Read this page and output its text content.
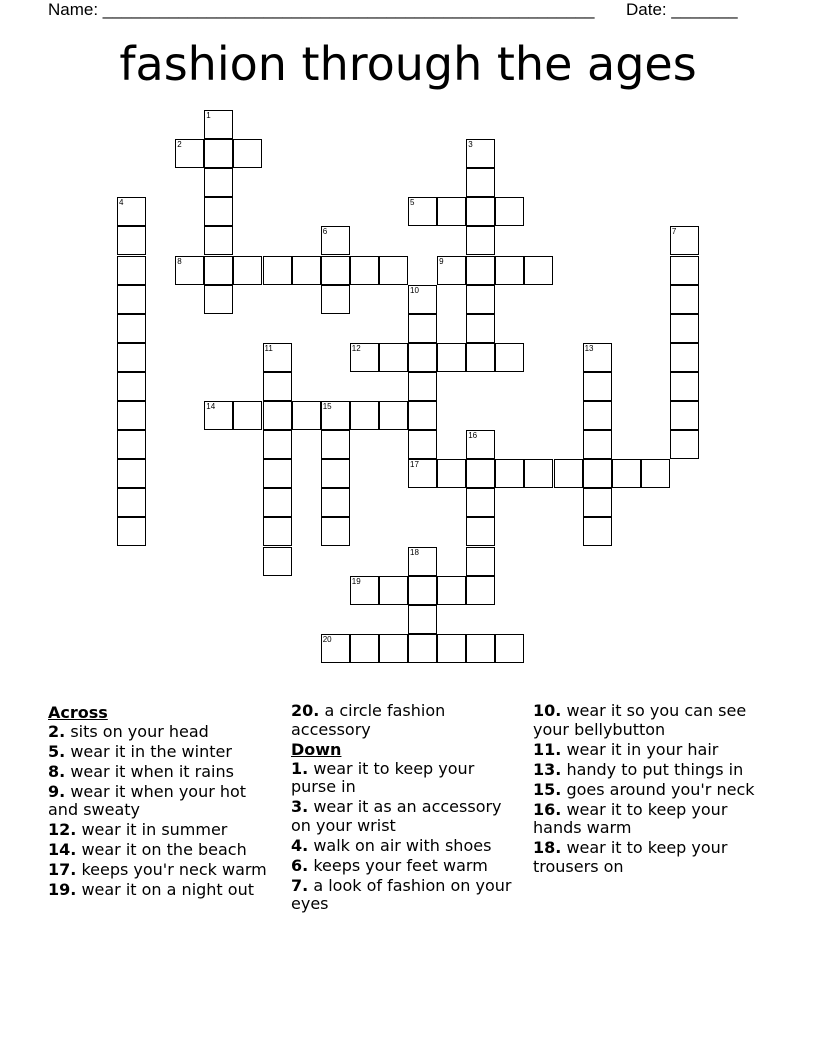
Name: ____________________________________________________ Date: _______
fashion through the ages
1
2	3
4	5
6	7
8	9
10
11	12	13
14	15
16
17
18
19
20
Across
2. sits on your head
5. wear it in the winter
8. wear it when it rains
9. wear it when your hot and sweaty
12. wear it in summer
14. wear it on the beach
17. keeps you'r neck warm
19. wear it on a night out
20. a circle fashion accessory
Down
1. wear it to keep your purse in
3. wear it as an accessory on your wrist
4. walk on air with shoes
6. keeps your feet warm
7. a look of fashion on your eyes
10. wear it so you can see your bellybutton
11. wear it in your hair
13. handy to put things in
15. goes around you'r neck
16. wear it to keep your hands warm
18. wear it to keep your trousers on
